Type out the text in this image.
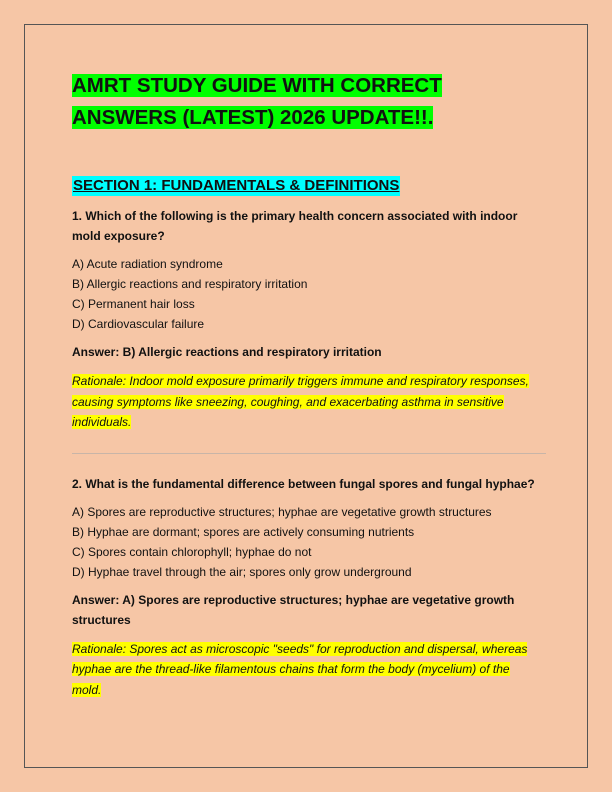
AMRT STUDY GUIDE WITH CORRECT ANSWERS (LATEST) 2026 UPDATE!!.
SECTION 1: FUNDAMENTALS & DEFINITIONS

1. Which of the following is the primary health concern associated with indoor mold exposure?

A) Acute radiation syndrome
B) Allergic reactions and respiratory irritation
C) Permanent hair loss
D) Cardiovascular failure
Answer: B) Allergic reactions and respiratory irritation
Rationale: Indoor mold exposure primarily triggers immune and respiratory responses, causing symptoms like sneezing, coughing, and exacerbating asthma in sensitive individuals.

2. What is the fundamental difference between fungal spores and fungal hyphae?

A) Spores are reproductive structures; hyphae are vegetative growth structures
B) Hyphae are dormant; spores are actively consuming nutrients
C) Spores contain chlorophyll; hyphae do not
D) Hyphae travel through the air; spores only grow underground
Answer: A) Spores are reproductive structures; hyphae are vegetative growth structures
Rationale: Spores act as microscopic "seeds" for reproduction and dispersal, whereas hyphae are the thread-like filamentous chains that form the body (mycelium) of the mold.
